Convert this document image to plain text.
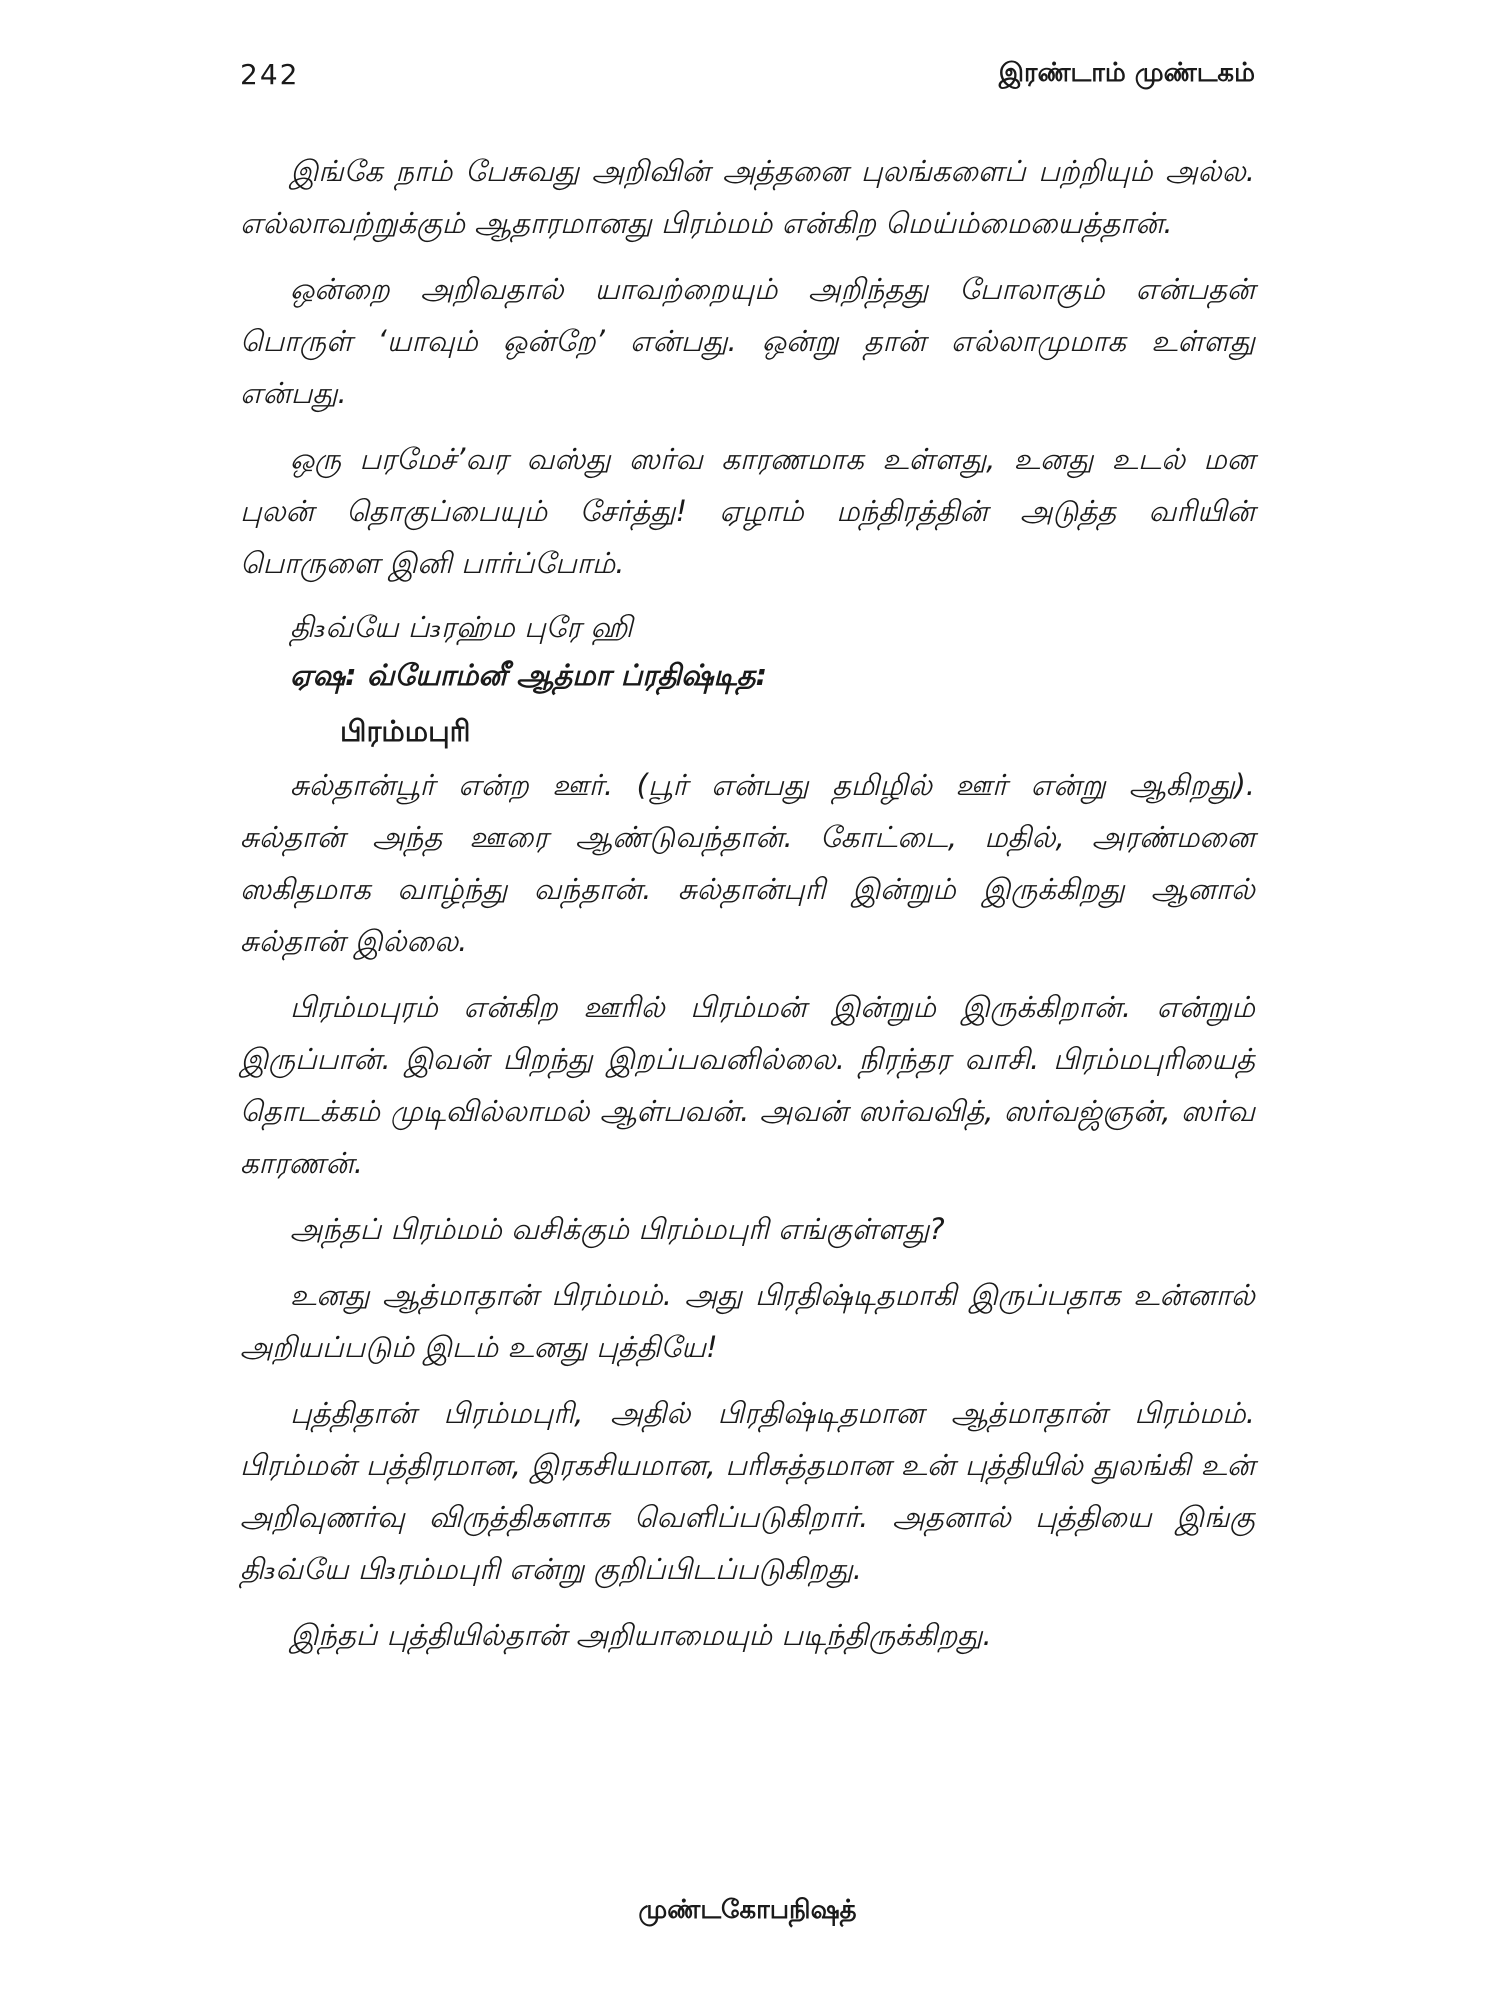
242	இரண்டாம் முண்டகம்

இங்கே நாம் பேசுவது அறிவின் அத்தனை புலங்களைப் பற்றியும் அல்ல. எல்லாவற்றுக்கும் ஆதாரமானது பிரம்மம் என்கிற மெய்ம்மையைத்தான்.

ஒன்றை அறிவதால் யாவற்றையும் அறிந்தது போலாகும் என்பதன் பொருள் ‘யாவும் ஒன்றே’ என்பது. ஒன்று தான் எல்லாமுமாக உள்ளது என்பது.

ஒரு பரமேச்’வர வஸ்து ஸர்வ காரணமாக உள்ளது, உனது உடல் மன புலன் தொகுப்பையும் சேர்த்து! ஏழாம் மந்திரத்தின் அடுத்த வரியின் பொருளை இனி பார்ப்போம்.

தி₃வ்யே ப்₃ரஹ்ம புரே ஹி
ஏஷ: வ்யோம்னீ ஆத்மா ப்ரதிஷ்டித:
பிரம்மபுரி

சுல்தான்பூர் என்ற ஊர். (பூர் என்பது தமிழில் ஊர் என்று ஆகிறது). சுல்தான் அந்த ஊரை ஆண்டுவந்தான். கோட்டை, மதில், அரண்மனை ஸகிதமாக வாழ்ந்து வந்தான். சுல்தான்புரி இன்றும் இருக்கிறது ஆனால் சுல்தான் இல்லை.

பிரம்மபுரம் என்கிற ஊரில் பிரம்மன் இன்றும் இருக்கிறான். என்றும் இருப்பான். இவன் பிறந்து இறப்பவனில்லை. நிரந்தர வாசி. பிரம்மபுரியைத் தொடக்கம் முடிவில்லாமல் ஆள்பவன். அவன் ஸர்வவித், ஸர்வஜ்ஞன், ஸர்வ காரணன்.

அந்தப் பிரம்மம் வசிக்கும் பிரம்மபுரி எங்குள்ளது?

உனது ஆத்மாதான் பிரம்மம். அது பிரதிஷ்டிதமாகி இருப்பதாக உன்னால் அறியப்படும் இடம் உனது புத்தியே!

புத்திதான் பிரம்மபுரி, அதில் பிரதிஷ்டிதமான ஆத்மாதான் பிரம்மம். பிரம்மன் பத்திரமான, இரகசியமான, பரிசுத்தமான உன் புத்தியில் துலங்கி உன் அறிவுணர்வு விருத்திகளாக வெளிப்படுகிறார். அதனால் புத்தியை இங்கு தி₃வ்யே பி₃ரம்மபுரி என்று குறிப்பிடப்படுகிறது.

இந்தப் புத்தியில்தான் அறியாமையும் படிந்திருக்கிறது.

முண்டகோபநிஷத்
